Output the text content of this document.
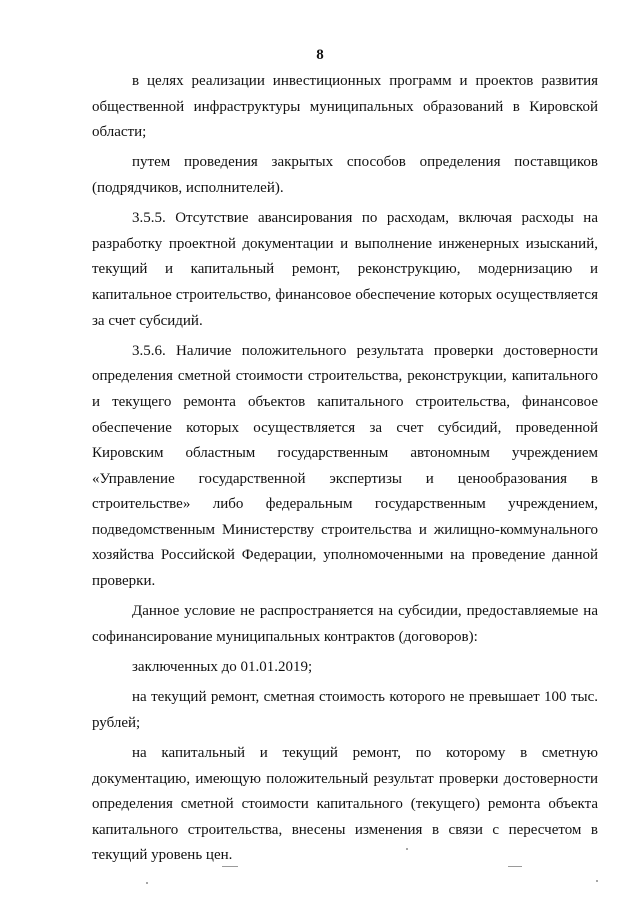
8

в целях реализации инвестиционных программ и проектов развития общественной инфраструктуры муниципальных образований в Кировской области;

путем проведения закрытых способов определения поставщиков (подрядчиков, исполнителей).

3.5.5. Отсутствие авансирования по расходам, включая расходы на разработку проектной документации и выполнение инженерных изысканий, текущий и капитальный ремонт, реконструкцию, модернизацию и капитальное строительство, финансовое обеспечение которых осуществляется за счет субсидий.

3.5.6. Наличие положительного результата проверки достоверности определения сметной стоимости строительства, реконструкции, капитального и текущего ремонта объектов капитального строительства, финансовое обеспечение которых осуществляется за счет субсидий, проведенной Кировским областным государственным автономным учреждением «Управление государственной экспертизы и ценообразования в строительстве» либо федеральным государственным учреждением, подведомственным Министерству строительства и жилищно-коммунального хозяйства Российской Федерации, уполномоченными на проведение данной проверки.

Данное условие не распространяется на субсидии, предоставляемые на софинансирование муниципальных контрактов (договоров):

заключенных до 01.01.2019;

на текущий ремонт, сметная стоимость которого не превышает 100 тыс. рублей;

на капитальный и текущий ремонт, по которому в сметную документацию, имеющую положительный результат проверки достоверности определения сметной стоимости капитального (текущего) ремонта объекта капитального строительства, внесены изменения в связи с пересчетом в текущий уровень цен.
